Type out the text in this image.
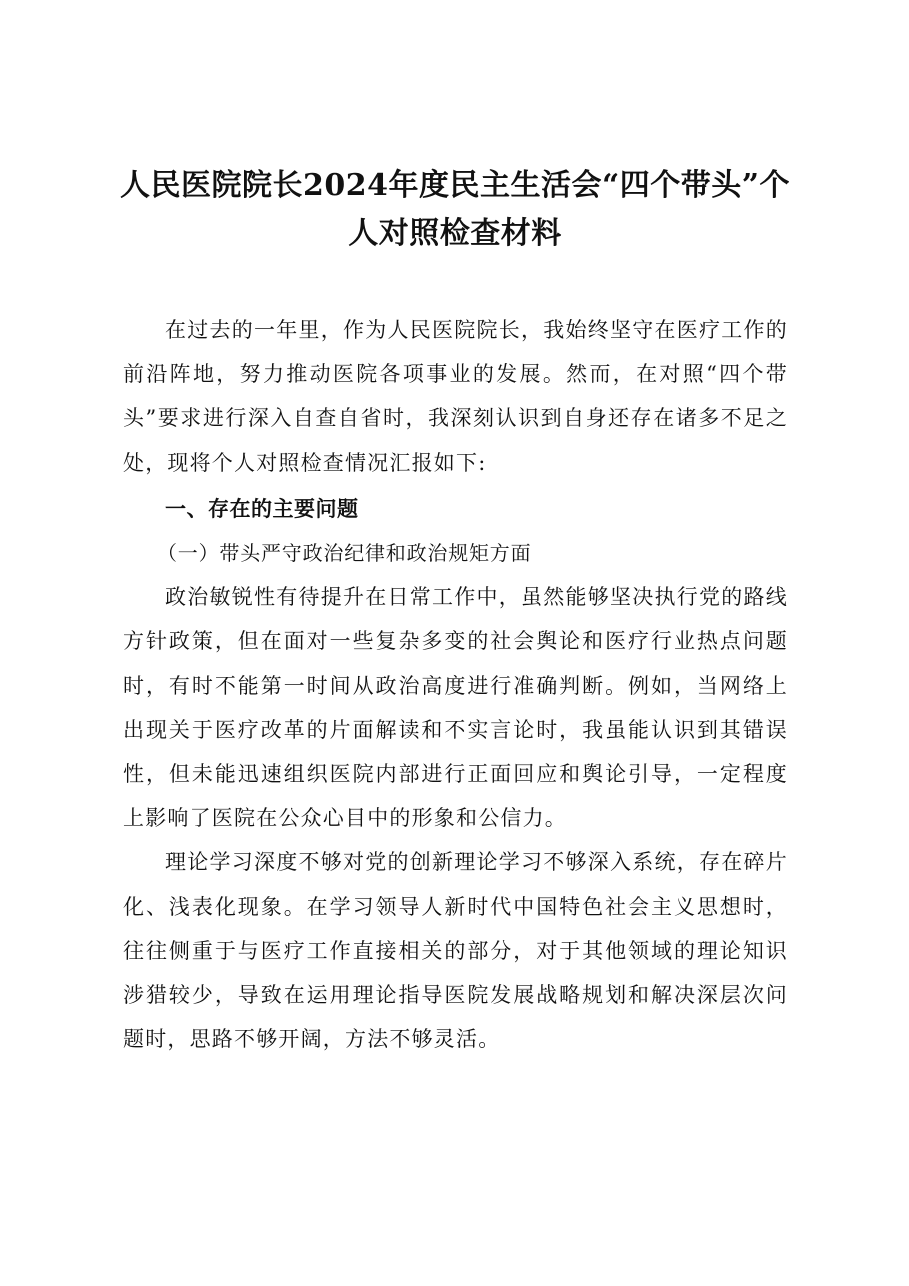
人民医院院长2024年度民主生活会“四个带头”个人对照检查材料

在过去的一年里，作为人民医院院长，我始终坚守在医疗工作的前沿阵地，努力推动医院各项事业的发展。然而，在对照“四个带头”要求进行深入自查自省时，我深刻认识到自身还存在诸多不足之处，现将个人对照检查情况汇报如下:

一、存在的主要问题

（一）带头严守政治纪律和政治规矩方面

政治敏锐性有待提升在日常工作中，虽然能够坚决执行党的路线方针政策，但在面对一些复杂多变的社会舆论和医疗行业热点问题时，有时不能第一时间从政治高度进行准确判断。例如，当网络上出现关于医疗改革的片面解读和不实言论时，我虽能认识到其错误性，但未能迅速组织医院内部进行正面回应和舆论引导，一定程度上影响了医院在公众心目中的形象和公信力。

理论学习深度不够对党的创新理论学习不够深入系统，存在碎片化、浅表化现象。在学习领导人新时代中国特色社会主义思想时，往往侧重于与医疗工作直接相关的部分，对于其他领域的理论知识涉猎较少，导致在运用理论指导医院发展战略规划和解决深层次问题时，思路不够开阔，方法不够灵活。
